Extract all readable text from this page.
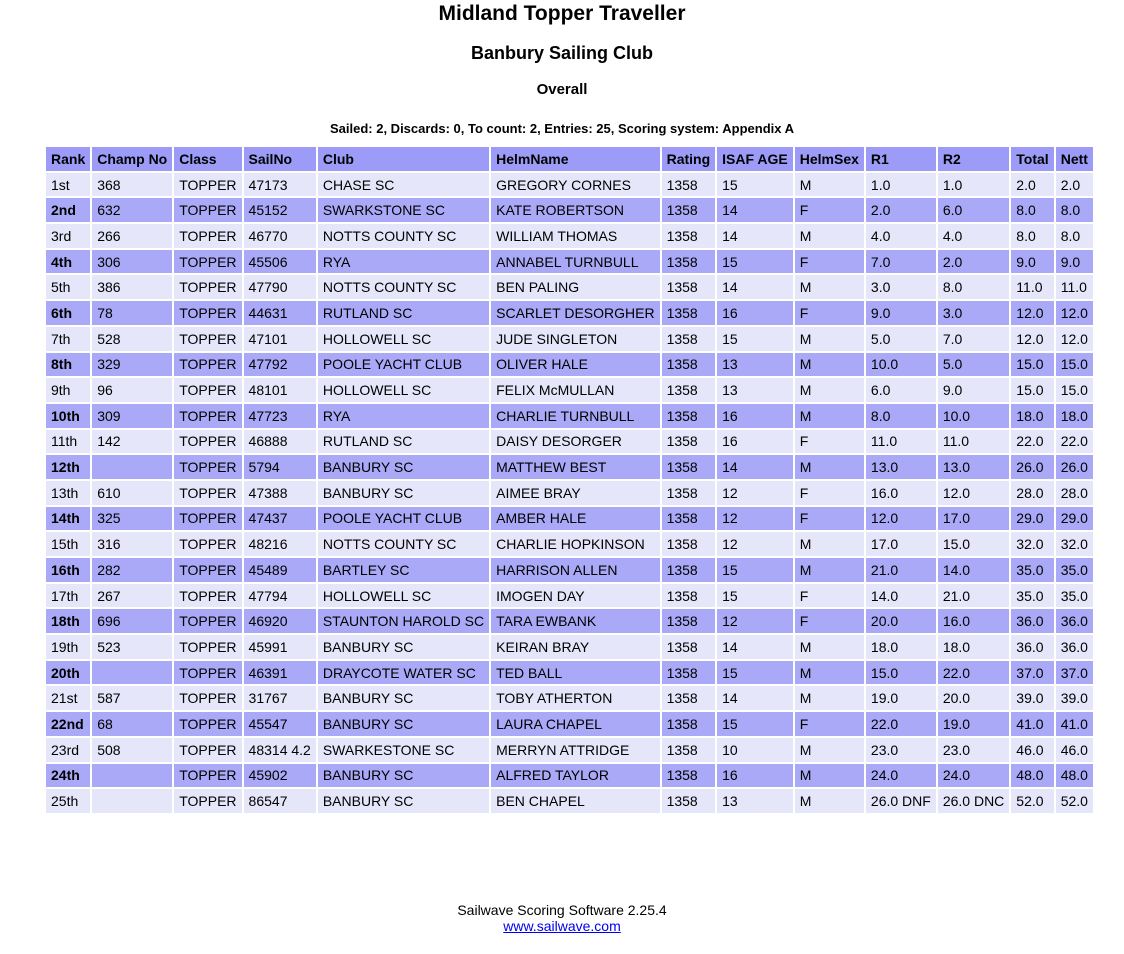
Midland Topper Traveller
Banbury Sailing Club
Overall
Sailed: 2, Discards: 0, To count: 2, Entries: 25, Scoring system: Appendix A
Rank	Champ No	Class	SailNo	Club	HelmName	Rating	ISAF AGE	HelmSex	R1	R2	Total	Nett
1st	368	TOPPER	47173	CHASE SC	GREGORY CORNES	1358	15	M	1.0	1.0	2.0	2.0
2nd	632	TOPPER	45152	SWARKSTONE SC	KATE ROBERTSON	1358	14	F	2.0	6.0	8.0	8.0
3rd	266	TOPPER	46770	NOTTS COUNTY SC	WILLIAM THOMAS	1358	14	M	4.0	4.0	8.0	8.0
4th	306	TOPPER	45506	RYA	ANNABEL TURNBULL	1358	15	F	7.0	2.0	9.0	9.0
5th	386	TOPPER	47790	NOTTS COUNTY SC	BEN PALING	1358	14	M	3.0	8.0	11.0	11.0
6th	78	TOPPER	44631	RUTLAND SC	SCARLET DESORGHER	1358	16	F	9.0	3.0	12.0	12.0
7th	528	TOPPER	47101	HOLLOWELL SC	JUDE SINGLETON	1358	15	M	5.0	7.0	12.0	12.0
8th	329	TOPPER	47792	POOLE YACHT CLUB	OLIVER HALE	1358	13	M	10.0	5.0	15.0	15.0
9th	96	TOPPER	48101	HOLLOWELL SC	FELIX McMULLAN	1358	13	M	6.0	9.0	15.0	15.0
10th	309	TOPPER	47723	RYA	CHARLIE TURNBULL	1358	16	M	8.0	10.0	18.0	18.0
11th	142	TOPPER	46888	RUTLAND SC	DAISY DESORGER	1358	16	F	11.0	11.0	22.0	22.0
12th		TOPPER	5794	BANBURY SC	MATTHEW BEST	1358	14	M	13.0	13.0	26.0	26.0
13th	610	TOPPER	47388	BANBURY SC	AIMEE BRAY	1358	12	F	16.0	12.0	28.0	28.0
14th	325	TOPPER	47437	POOLE YACHT CLUB	AMBER HALE	1358	12	F	12.0	17.0	29.0	29.0
15th	316	TOPPER	48216	NOTTS COUNTY SC	CHARLIE HOPKINSON	1358	12	M	17.0	15.0	32.0	32.0
16th	282	TOPPER	45489	BARTLEY SC	HARRISON ALLEN	1358	15	M	21.0	14.0	35.0	35.0
17th	267	TOPPER	47794	HOLLOWELL SC	IMOGEN DAY	1358	15	F	14.0	21.0	35.0	35.0
18th	696	TOPPER	46920	STAUNTON HAROLD SC	TARA EWBANK	1358	12	F	20.0	16.0	36.0	36.0
19th	523	TOPPER	45991	BANBURY SC	KEIRAN BRAY	1358	14	M	18.0	18.0	36.0	36.0
20th		TOPPER	46391	DRAYCOTE WATER SC	TED BALL	1358	15	M	15.0	22.0	37.0	37.0
21st	587	TOPPER	31767	BANBURY SC	TOBY ATHERTON	1358	14	M	19.0	20.0	39.0	39.0
22nd	68	TOPPER	45547	BANBURY SC	LAURA CHAPEL	1358	15	F	22.0	19.0	41.0	41.0
23rd	508	TOPPER	48314 4.2	SWARKESTONE SC	MERRYN ATTRIDGE	1358	10	M	23.0	23.0	46.0	46.0
24th		TOPPER	45902	BANBURY SC	ALFRED TAYLOR	1358	16	M	24.0	24.0	48.0	48.0
25th		TOPPER	86547	BANBURY SC	BEN CHAPEL	1358	13	M	26.0 DNF	26.0 DNC	52.0	52.0
Sailwave Scoring Software 2.25.4
www.sailwave.com
